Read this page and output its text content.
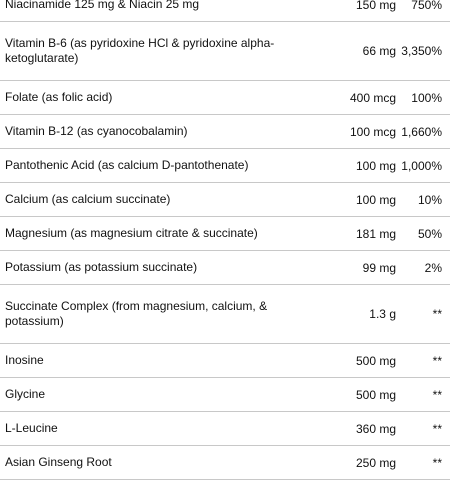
Niacinamide 125 mg & Niacin 25 mg	150 mg	750%
Vitamin B-6 (as pyridoxine HCl & pyridoxine alpha-ketoglutarate)	66 mg 3,350%
Folate (as folic acid)	400 mcg	100%
Vitamin B-12 (as cyanocobalamin)	100 mcg 1,660%
Pantothenic Acid (as calcium D-pantothenate)	100 mg 1,000%
Calcium (as calcium succinate)	100 mg	10%
Magnesium (as magnesium citrate & succinate)	181 mg	50%
Potassium (as potassium succinate)	99 mg	2%
Succinate Complex (from magnesium, calcium, & potassium)	1.3 g	**
Inosine	500 mg	**
Glycine	500 mg	**
L-Leucine	360 mg	**
Asian Ginseng Root	250 mg	**
